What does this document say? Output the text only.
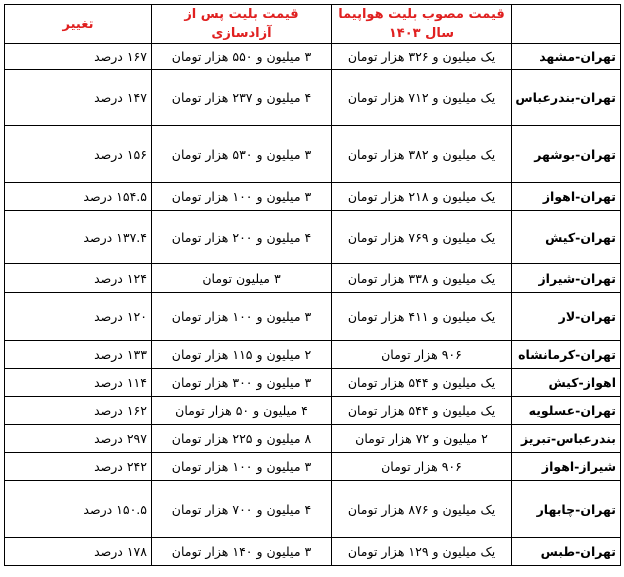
	قیمت مصوب بلیت هواپیما سال ۱۴۰۳	قیمت بلیت پس از آزادسازی	تغییر
تهران-مشهد	یک میلیون و ۳۲۶ هزار تومان	۳ میلیون و ۵۵۰ هزار تومان	۱۶۷ درصد
تهران-بندرعباس	یک میلیون و ۷۱۲ هزار تومان	۴ میلیون و ۲۳۷ هزار تومان	۱۴۷ درصد
تهران-بوشهر	یک میلیون و ۳۸۲ هزار تومان	۳ میلیون و ۵۳۰ هزار تومان	۱۵۶ درصد
تهران-اهواز	یک میلیون و ۲۱۸ هزار تومان	۳ میلیون و ۱۰۰ هزار تومان	۱۵۴.۵ درصد
تهران-کیش	یک میلیون و ۷۶۹ هزار تومان	۴ میلیون و ۲۰۰ هزار تومان	۱۳۷.۴ درصد
تهران-شیراز	یک میلیون و ۳۳۸ هزار تومان	۳ میلیون تومان	۱۲۴ درصد
تهران-لار	یک میلیون و ۴۱۱ هزار تومان	۳ میلیون و ۱۰۰ هزار تومان	۱۲۰ درصد
تهران-کرمانشاه	۹۰۶ هزار تومان	۲ میلیون و ۱۱۵ هزار تومان	۱۳۳ درصد
اهواز-کیش	یک میلیون و ۵۴۴ هزار تومان	۳ میلیون و ۳۰۰ هزار تومان	۱۱۴ درصد
تهران-عسلویه	یک میلیون و ۵۴۴ هزار تومان	۴ میلیون و ۵۰ هزار تومان	۱۶۲ درصد
بندرعباس-تبریز	۲ میلیون و ۷۲ هزار تومان	۸ میلیون و ۲۲۵ هزار تومان	۲۹۷ درصد
شیراز-اهواز	۹۰۶ هزار تومان	۳ میلیون و ۱۰۰ هزار تومان	۲۴۲ درصد
تهران-چابهار	یک میلیون و ۸۷۶ هزار تومان	۴ میلیون و ۷۰۰ هزار تومان	۱۵۰.۵ درصد
تهران-طبس	یک میلیون و ۱۲۹ هزار تومان	۳ میلیون و ۱۴۰ هزار تومان	۱۷۸ درصد
